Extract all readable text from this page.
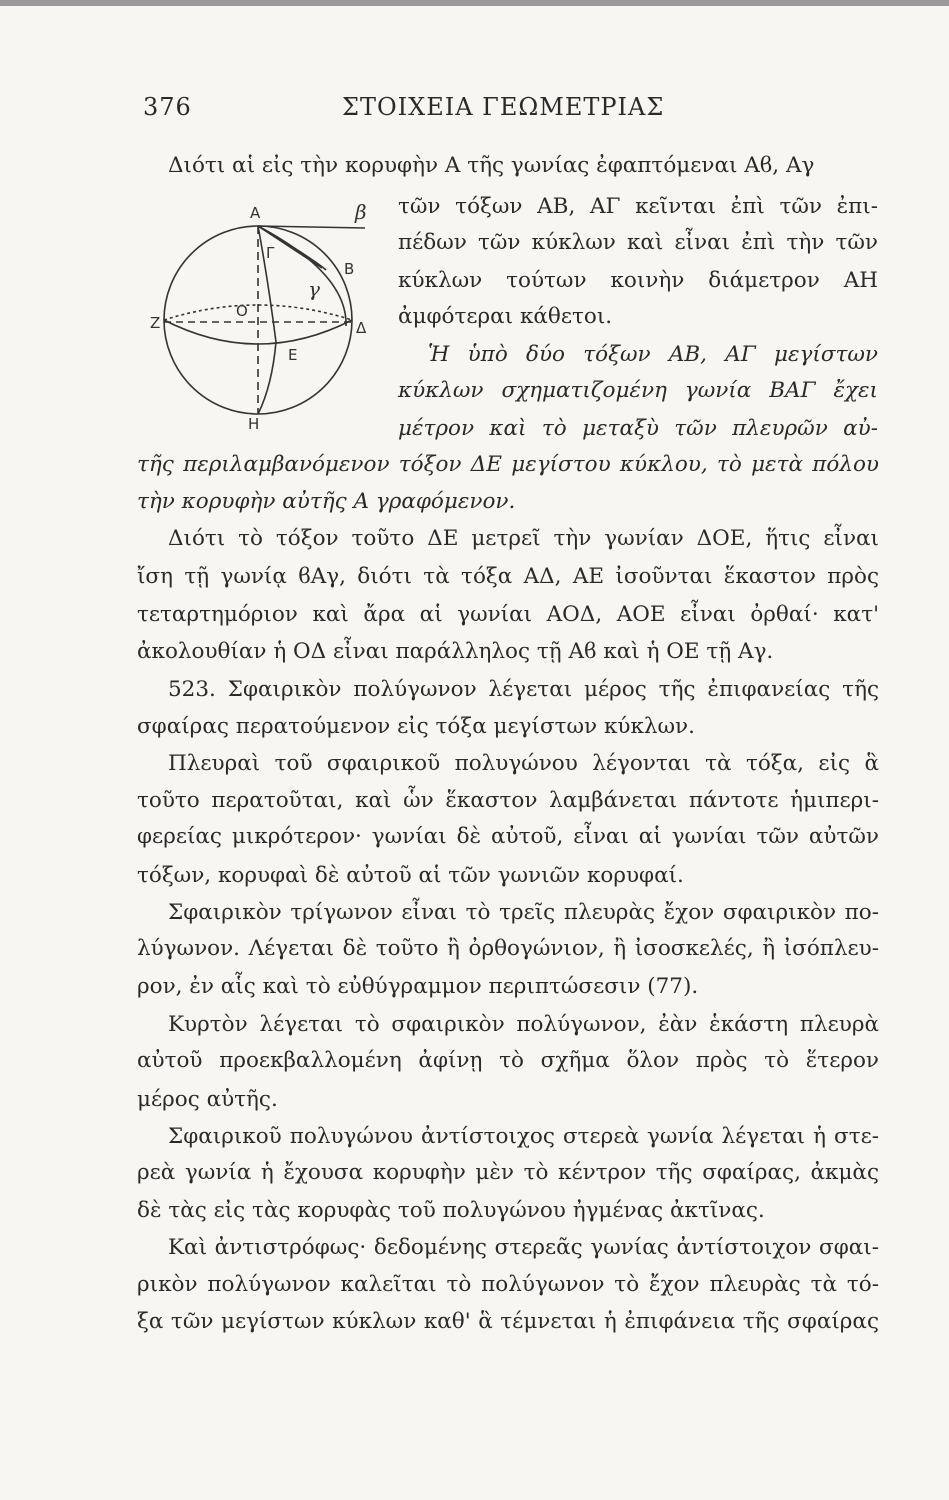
376	ΣΤΟΙΧΕΙΑ ΓΕΩΜΕΤΡΙΑΣ
Α	β
Γ
Β
γ
Ο
Ζ	Δ
Ε
Η
Διότι αἱ εἰς τὴν κορυφὴν Α τῆς γωνίας ἐφαπτόμεναι Αϐ, Αγ
τῶν τόξων ΑΒ, ΑΓ κεῖνται ἐπὶ τῶν ἐπι-
πέδων τῶν κύκλων καὶ εἶναι ἐπὶ τὴν τῶν
κύκλων τούτων κοινὴν διάμετρον ΑΗ
ἀμφότεραι κάθετοι.
Ἡ ὑπὸ δύο τόξων ΑΒ, ΑΓ μεγίστων
κύκλων σχηματιζομένη γωνία ΒΑΓ ἔχει
μέτρον καὶ τὸ μεταξὺ τῶν πλευρῶν αὐ-
τῆς περιλαμβανόμενον τόξον ΔΕ μεγίστου κύκλου, τὸ μετὰ πόλου
τὴν κορυφὴν αὐτῆς Α γραφόμενον.
Διότι τὸ τόξον τοῦτο ΔΕ μετρεῖ τὴν γωνίαν ΔΟΕ, ἥτις εἶναι
ἴση τῇ γωνίᾳ ϐΑγ, διότι τὰ τόξα ΑΔ, ΑΕ ἰσοῦνται ἕκαστον πρὸς
τεταρτημόριον καὶ ἄρα αἱ γωνίαι ΑΟΔ, ΑΟΕ εἶναι ὀρθαί· κατ'
ἀκολουθίαν ἡ ΟΔ εἶναι παράλληλος τῇ Αϐ καὶ ἡ ΟΕ τῇ Αγ.
523. Σφαιρικὸν πολύγωνον λέγεται μέρος τῆς ἐπιφανείας τῆς
σφαίρας περατούμενον εἰς τόξα μεγίστων κύκλων.
Πλευραὶ τοῦ σφαιρικοῦ πολυγώνου λέγονται τὰ τόξα, εἰς ἃ
τοῦτο περατοῦται, καὶ ὧν ἕκαστον λαμβάνεται πάντοτε ἡμιπερι-
φερείας μικρότερον· γωνίαι δὲ αὐτοῦ, εἶναι αἱ γωνίαι τῶν αὐτῶν
τόξων, κορυφαὶ δὲ αὐτοῦ αἱ τῶν γωνιῶν κορυφαί.
Σφαιρικὸν τρίγωνον εἶναι τὸ τρεῖς πλευρὰς ἔχον σφαιρικὸν πο-
λύγωνον. Λέγεται δὲ τοῦτο ἢ ὀρθογώνιον, ἢ ἰσοσκελές, ἢ ἰσόπλευ-
ρον, ἐν αἷς καὶ τὸ εὐθύγραμμον περιπτώσεσιν (77).
Κυρτὸν λέγεται τὸ σφαιρικὸν πολύγωνον, ἐὰν ἑκάστη πλευρὰ
αὐτοῦ προεκβαλλομένη ἀφίνῃ τὸ σχῆμα ὅλον πρὸς τὸ ἕτερον
μέρος αὐτῆς.
Σφαιρικοῦ πολυγώνου ἀντίστοιχος στερεὰ γωνία λέγεται ἡ στε-
ρεὰ γωνία ἡ ἔχουσα κορυφὴν μὲν τὸ κέντρον τῆς σφαίρας, ἀκμὰς
δὲ τὰς εἰς τὰς κορυφὰς τοῦ πολυγώνου ἠγμένας ἀκτῖνας.
Καὶ ἀντιστρόφως· δεδομένης στερεᾶς γωνίας ἀντίστοιχον σφαι-
ρικὸν πολύγωνον καλεῖται τὸ πολύγωνον τὸ ἔχον πλευρὰς τὰ τό-
ξα τῶν μεγίστων κύκλων καθ' ἃ τέμνεται ἡ ἐπιφάνεια τῆς σφαίρας
